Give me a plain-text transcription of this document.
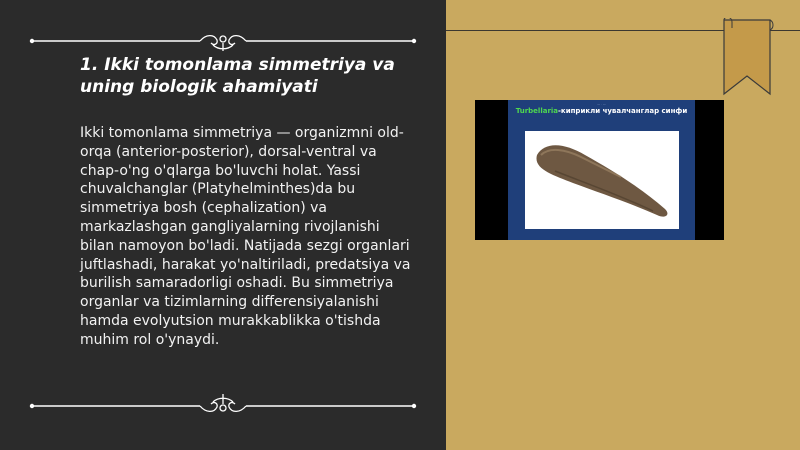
1. Ikki tomonlama simmetriya va uning biologik ahamiyati

Ikki tomonlama simmetriya — organizmni old-orqa (anterior-posterior), dorsal-ventral va chap-o'ng o'qlarga bo'luvchi holat. Yassi chuvalchanglar (Platyhelminthes)da bu simmetriya bosh (cephalization) va markazlashgan gangliyalarning rivojlanishi bilan namoyon bo'ladi. Natijada sezgi organlari juftlashadi, harakat yo'naltiriladi, predatsiya va burilish samaradorligi oshadi. Bu simmetriya organlar va tizimlarning differensiyalanishi hamda evolyutsion murakkablikka o'tishda muhim rol o'ynaydi.

— · —
Turbellaria-киприкли чувалчанглар синфи
